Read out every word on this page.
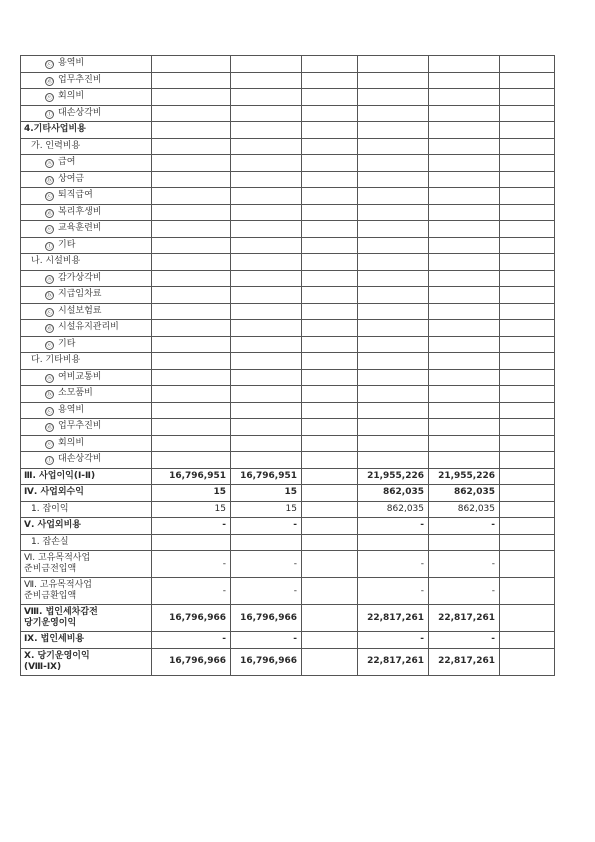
ⓒ 용역비						
ⓓ 업무추진비						
ⓔ 회의비						
ⓕ 대손상각비						
4.기타사업비용						
가. 인력비용						
ⓐ 급여						
ⓑ 상여금						
ⓒ 퇴직급여						
ⓓ 복리후생비						
ⓔ 교육훈련비						
ⓕ 기타						
나. 시설비용						
ⓐ 감가상각비						
ⓑ 지급임차료						
ⓒ 시설보험료						
ⓓ 시설유지관리비						
ⓔ 기타						
다. 기타비용						
ⓐ 여비교통비						
ⓑ 소모품비						
ⓒ 용역비						
ⓓ 업무추진비						
ⓔ 회의비						
ⓕ 대손상각비						
Ⅲ. 사업이익(Ⅰ-Ⅱ)	16,796,951	16,796,951		21,955,226	21,955,226	
Ⅳ. 사업외수익	15	15		862,035	862,035	
1. 잡이익	15	15		862,035	862,035	
Ⅴ. 사업외비용	-	-		-	-	
1. 잡손실						
Ⅵ. 고유목적사업
준비금전입액	-	-		-	-	
Ⅶ. 고유목적사업
준비금환입액	-	-		-	-	
Ⅷ. 법인세차감전
당기운영이익	16,796,966	16,796,966		22,817,261	22,817,261	
Ⅸ. 법인세비용	-	-		-	-	
Ⅹ. 당기운영이익
(Ⅷ-Ⅸ)	16,796,966	16,796,966		22,817,261	22,817,261	
